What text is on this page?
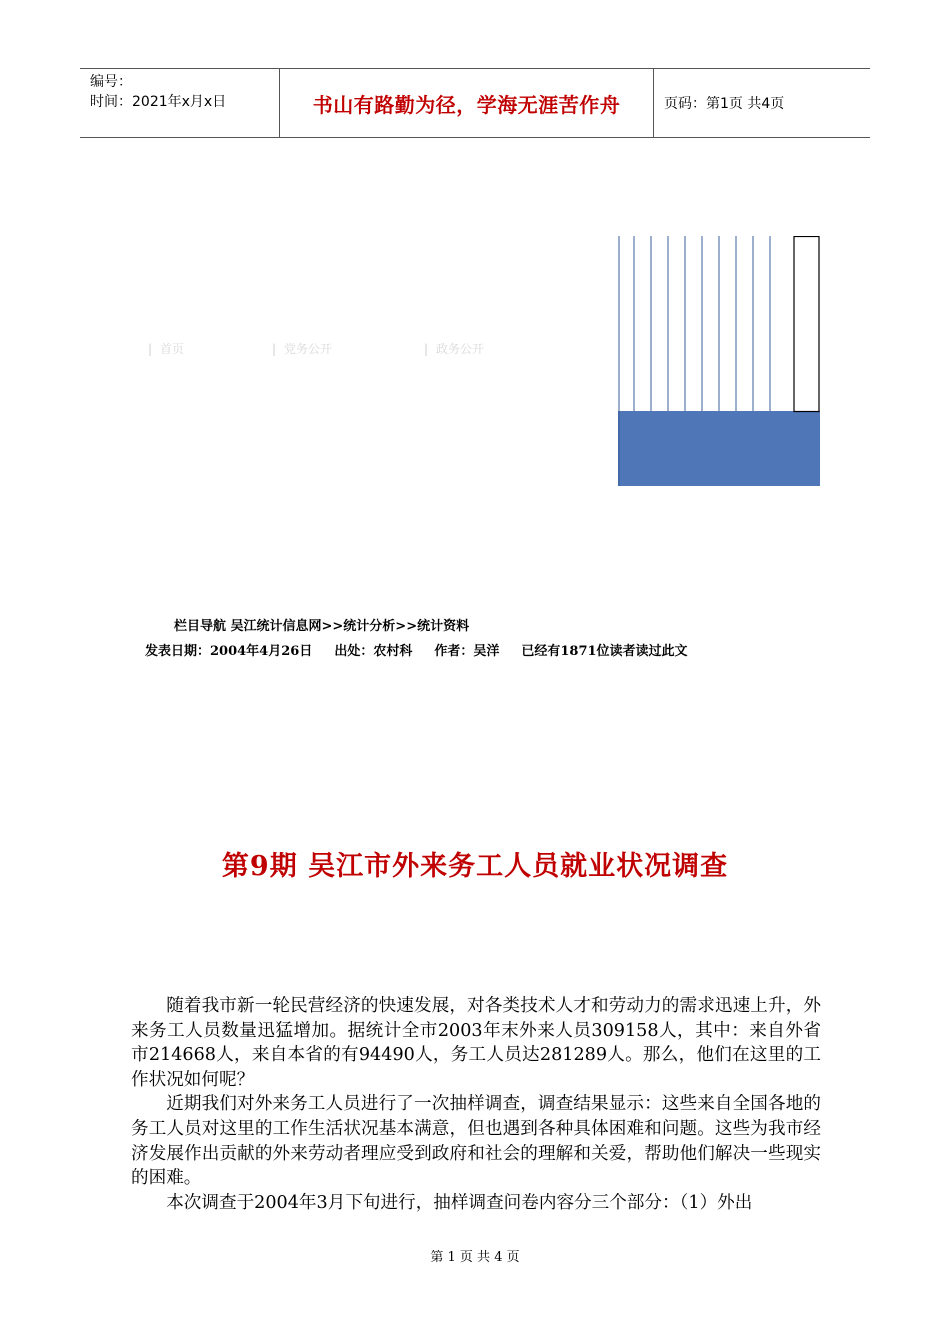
编号：
时间：2021年x月x日	书山有路勤为径，学海无涯苦作舟	页码：第1页 共4页
| 首页	| 党务公开	| 政务公开
栏目导航 吴江统计信息网>>统计分析>>统计资料
发表日期：2004年4月26日 出处：农村科 作者：吴洋 已经有1871位读者读过此文
第9期 吴江市外来务工人员就业状况调查

随着我市新一轮民营经济的快速发展，对各类技术人才和劳动力的需求迅速上升，外来务工人员数量迅猛增加。据统计全市2003年末外来人员309158人，其中：来自外省市214668人，来自本省的有94490人，务工人员达281289人。那么，他们在这里的工作状况如何呢？

近期我们对外来务工人员进行了一次抽样调查，调查结果显示：这些来自全国各地的务工人员对这里的工作生活状况基本满意，但也遇到各种具体困难和问题。这些为我市经济发展作出贡献的外来劳动者理应受到政府和社会的理解和关爱，帮助他们解决一些现实的困难。

本次调查于2004年3月下旬进行，抽样调查问卷内容分三个部分：（1）外出

第 1 页 共 4 页
